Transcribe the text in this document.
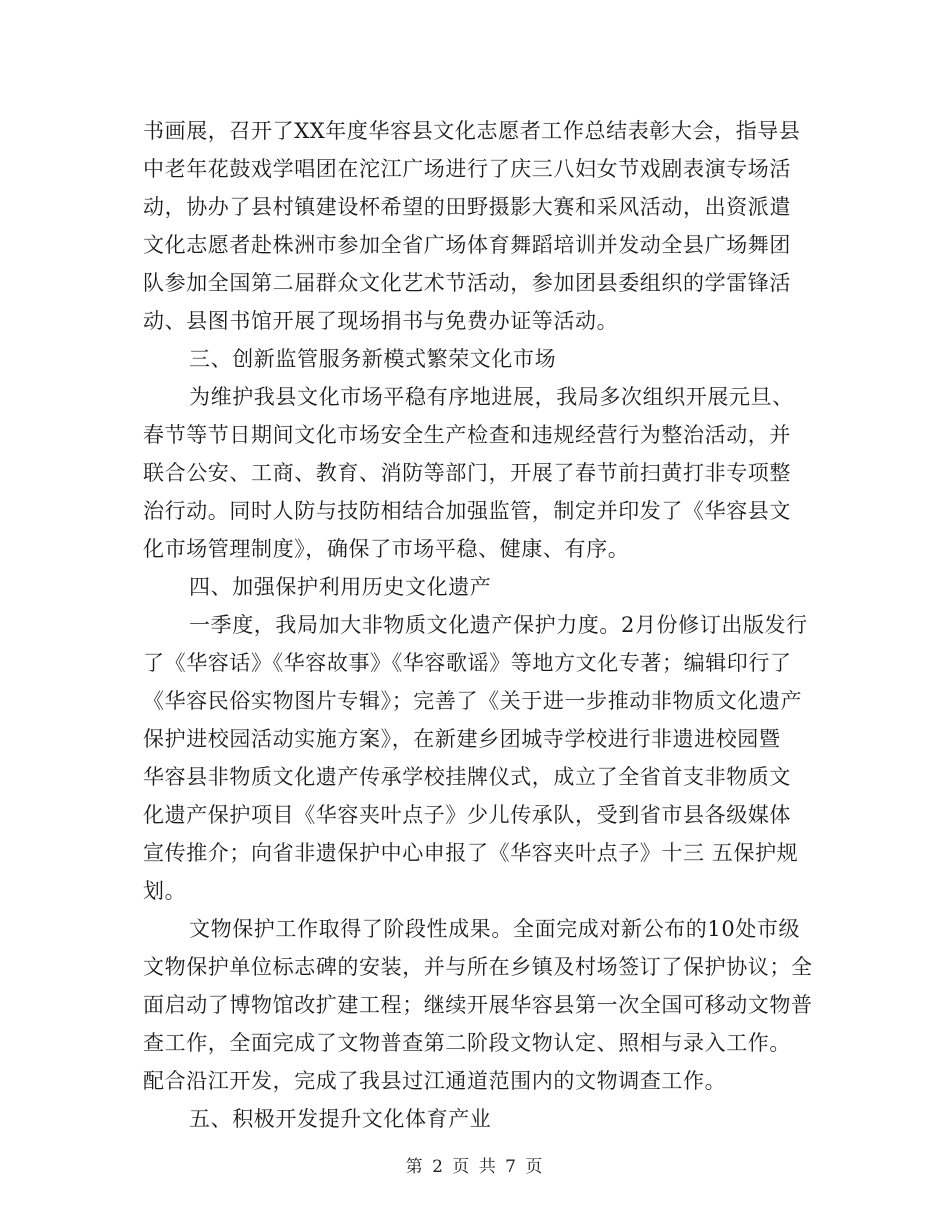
书画展，召开了XX年度华容县文化志愿者工作总结表彰大会，指导县
中老年花鼓戏学唱团在沱江广场进行了庆三八妇女节戏剧表演专场活
动，协办了县村镇建设杯希望的田野摄影大赛和采风活动，出资派遣
文化志愿者赴株洲市参加全省广场体育舞蹈培训并发动全县广场舞团
队参加全国第二届群众文化艺术节活动，参加团县委组织的学雷锋活
动、县图书馆开展了现场捐书与免费办证等活动。
三、创新监管服务新模式繁荣文化市场
为维护我县文化市场平稳有序地进展，我局多次组织开展元旦、
春节等节日期间文化市场安全生产检查和违规经营行为整治活动，并
联合公安、工商、教育、消防等部门，开展了春节前扫黄打非专项整
治行动。同时人防与技防相结合加强监管，制定并印发了《华容县文
化市场管理制度》，确保了市场平稳、健康、有序。
四、加强保护利用历史文化遗产
一季度，我局加大非物质文化遗产保护力度。2月份修订出版发行
了《华容话》《华容故事》《华容歌谣》等地方文化专著；编辑印行了
《华容民俗实物图片专辑》；完善了《关于进一步推动非物质文化遗产
保护进校园活动实施方案》，在新建乡团城寺学校进行非遗进校园暨
华容县非物质文化遗产传承学校挂牌仪式，成立了全省首支非物质文
化遗产保护项目《华容夹叶点子》少儿传承队，受到省市县各级媒体
宣传推介；向省非遗保护中心申报了《华容夹叶点子》十三 五保护规
划。
文物保护工作取得了阶段性成果。全面完成对新公布的10处市级
文物保护单位标志碑的安装，并与所在乡镇及村场签订了保护协议；全
面启动了博物馆改扩建工程；继续开展华容县第一次全国可移动文物普
查工作，全面完成了文物普查第二阶段文物认定、照相与录入工作。
配合沿江开发，完成了我县过江通道范围内的文物调查工作。
五、积极开发提升文化体育产业
第 2 页 共 7 页
